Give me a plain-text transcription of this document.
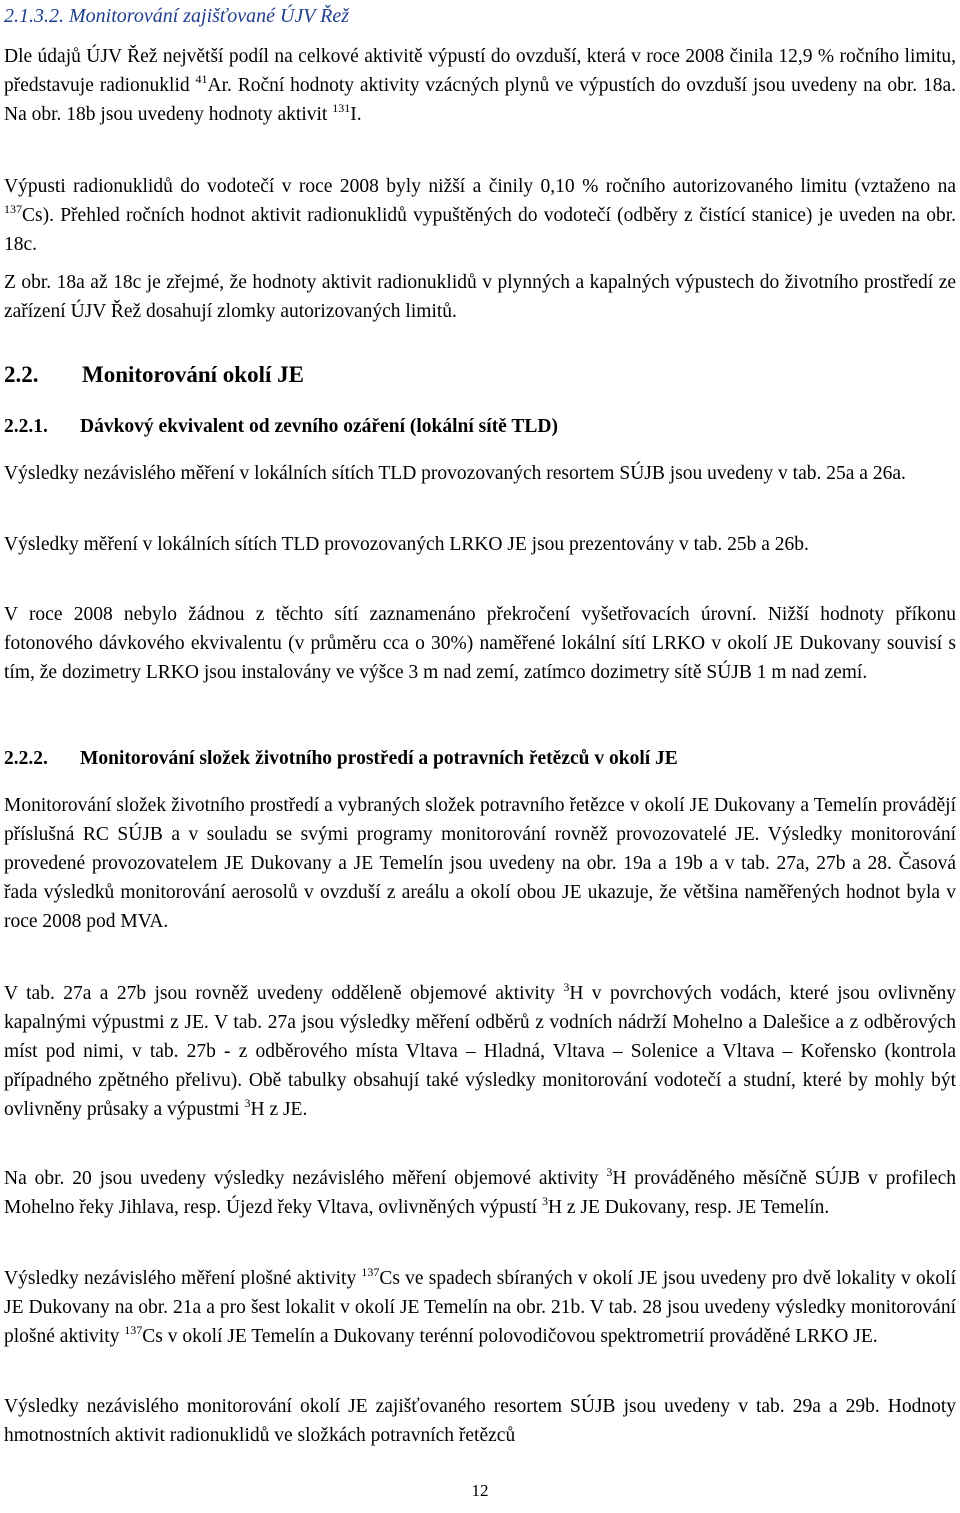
2.1.3.2. Monitorování zajišťované ÚJV Řež

Dle údajů ÚJV Řež největší podíl na celkové aktivitě výpustí do ovzduší, která v roce 2008 činila 12,9 % ročního limitu, představuje radionuklid $^{41}$Ar. Roční hodnoty aktivity vzácných plynů ve výpustích do ovzduší jsou uvedeny na obr. 18a. Na obr. 18b jsou uvedeny hodnoty aktivit $^{131}$I.

Výpusti radionuklidů do vodotečí v roce 2008 byly nižší a činily 0,10 % ročního autorizovaného limitu (vztaženo na $^{137}$Cs). Přehled ročních hodnot aktivit radionuklidů vypuštěných do vodotečí (odběry z čistící stanice) je uveden na obr. 18c.

Z obr. 18a až 18c je zřejmé, že hodnoty aktivit radionuklidů v plynných a kapalných výpustech do životního prostředí ze zařízení ÚJV Řež dosahují zlomky autorizovaných limitů.

2.2. Monitorování okolí JE

2.2.1. Dávkový ekvivalent od zevního ozáření (lokální sítě TLD)

Výsledky nezávislého měření v lokálních sítích TLD provozovaných resortem SÚJB jsou uvedeny v tab. 25a a 26a.

Výsledky měření v lokálních sítích TLD provozovaných LRKO JE jsou prezentovány v tab. 25b a 26b.

V roce 2008 nebylo žádnou z těchto sítí zaznamenáno překročení vyšetřovacích úrovní. Nižší hodnoty příkonu fotonového dávkového ekvivalentu (v průměru cca o 30%) naměřené lokální sítí LRKO v okolí JE Dukovany souvisí s tím, že dozimetry LRKO jsou instalovány ve výšce 3 m nad zemí, zatímco dozimetry sítě SÚJB 1 m nad zemí.

2.2.2. Monitorování složek životního prostředí a potravních řetězců v okolí JE

Monitorování složek životního prostředí a vybraných složek potravního řetězce v okolí JE Dukovany a Temelín provádějí příslušná RC SÚJB a v souladu se svými programy monitorování rovněž provozovatelé JE. Výsledky monitorování provedené provozovatelem JE Dukovany a JE Temelín jsou uvedeny na obr. 19a a 19b a v tab. 27a, 27b a 28. Časová řada výsledků monitorování aerosolů v ovzduší z areálu a okolí obou JE ukazuje, že většina naměřených hodnot byla v roce 2008 pod MVA.

V tab. 27a a 27b jsou rovněž uvedeny odděleně objemové aktivity $^3$H v povrchových vodách, které jsou ovlivněny kapalnými výpustmi z JE. V tab. 27a jsou výsledky měření odběrů z vodních nádrží Mohelno a Dalešice a z odběrových míst pod nimi, v tab. 27b - z odběrového místa Vltava – Hladná, Vltava – Solenice a Vltava – Kořensko (kontrola případného zpětného přelivu). Obě tabulky obsahují také výsledky monitorování vodotečí a studní, které by mohly být ovlivněny průsaky a výpustmi $^3$H z JE.

Na obr. 20 jsou uvedeny výsledky nezávislého měření objemové aktivity $^3$H prováděného měsíčně SÚJB v profilech Mohelno řeky Jihlava, resp. Újezd řeky Vltava, ovlivněných výpustí $^3$H z JE Dukovany, resp. JE Temelín.

Výsledky nezávislého měření plošné aktivity $^{137}$Cs ve spadech sbíraných v okolí JE jsou uvedeny pro dvě lokality v okolí JE Dukovany na obr. 21a a pro šest lokalit v okolí JE Temelín na obr. 21b. V tab. 28 jsou uvedeny výsledky monitorování plošné aktivity $^{137}$Cs v okolí JE Temelín a Dukovany terénní polovodičovou spektrometrií prováděné LRKO JE.

Výsledky nezávislého monitorování okolí JE zajišťovaného resortem SÚJB jsou uvedeny v tab. 29a a 29b. Hodnoty hmotnostních aktivit radionuklidů ve složkách potravních řetězců

12
